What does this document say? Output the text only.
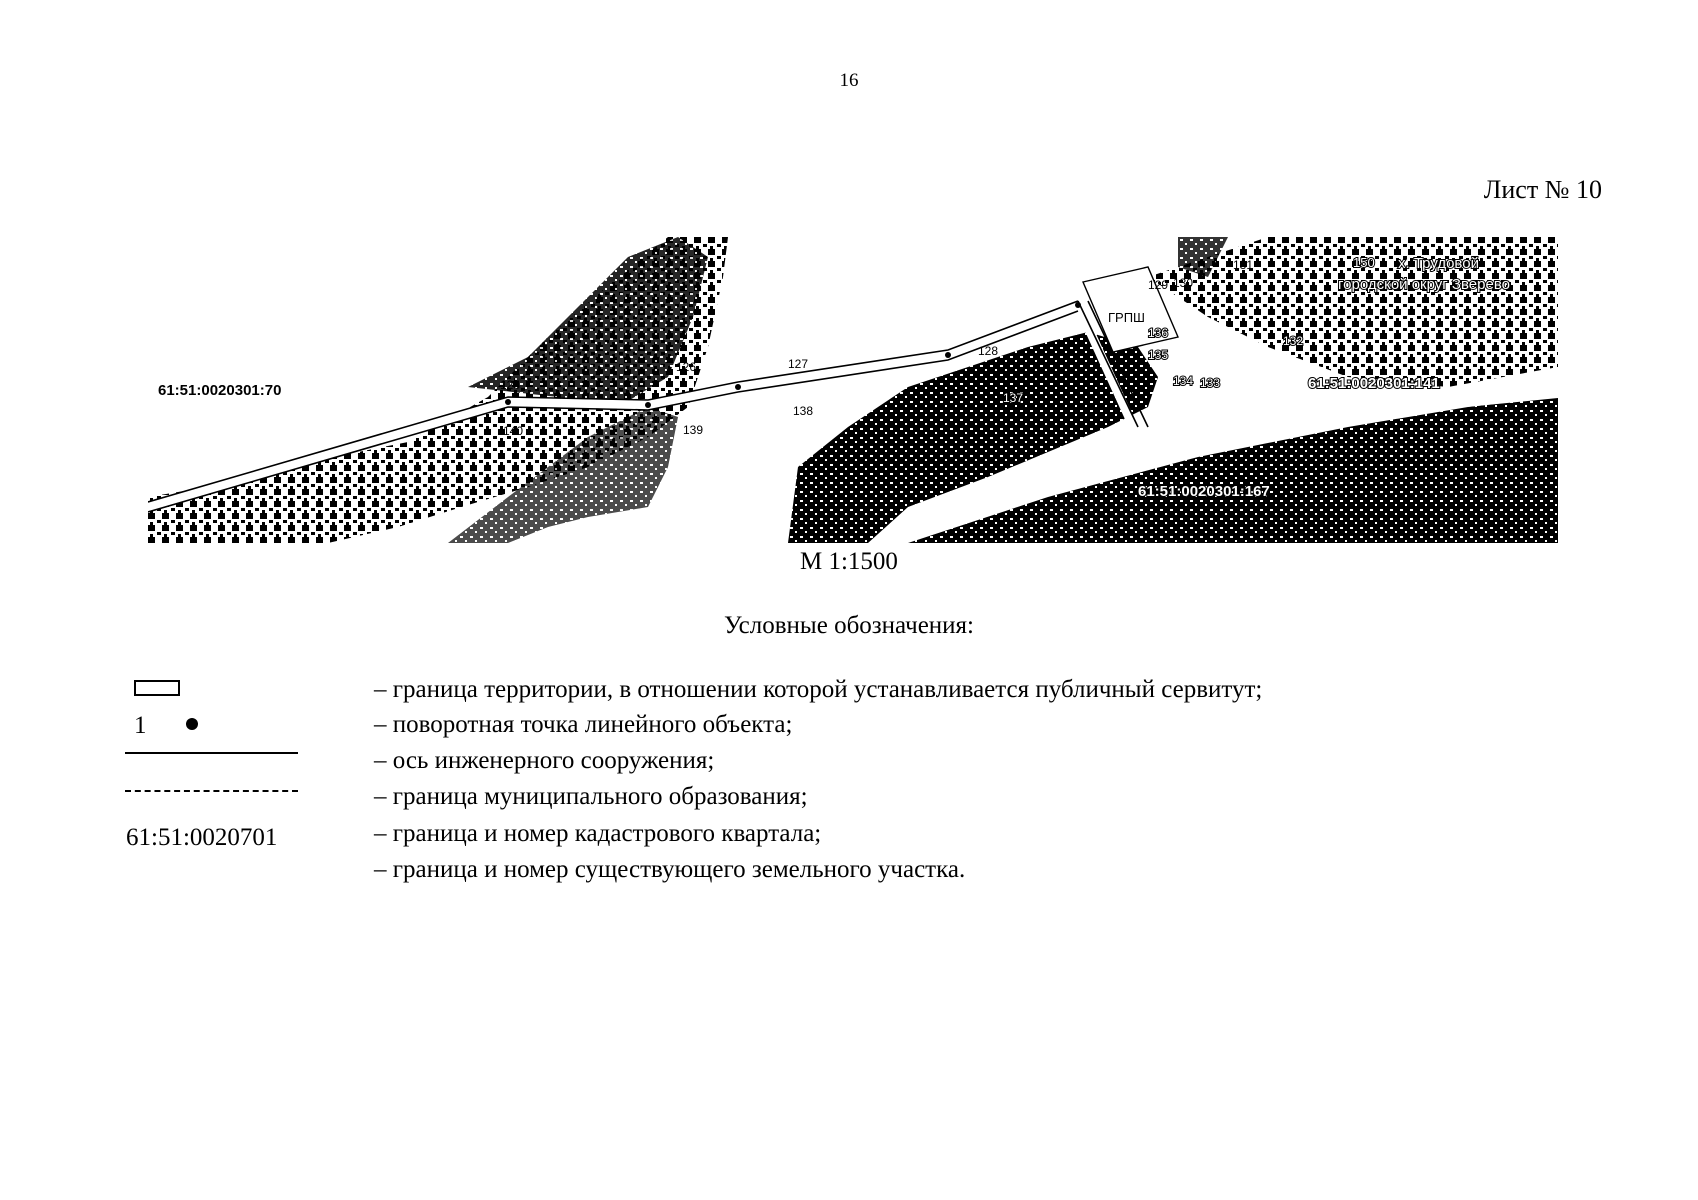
16
Лист № 10
61:51:0020301:70	61:51:0020301:141
61:51:0020301:167
х. Трудовой
городской округ Зверево
ГРПШ
125
126	127
128
129 130
131
132
133
134
135
136
137
138
139
140
150
М 1:1500
Условные обозначения:
1
61:51:0020701
– граница территории, в отношении которой устанавливается публичный сервитут;
– поворотная точка линейного объекта;
– ось инженерного сооружения;
– граница муниципального образования;
– граница и номер кадастрового квартала;
– граница и номер существующего земельного участка.
